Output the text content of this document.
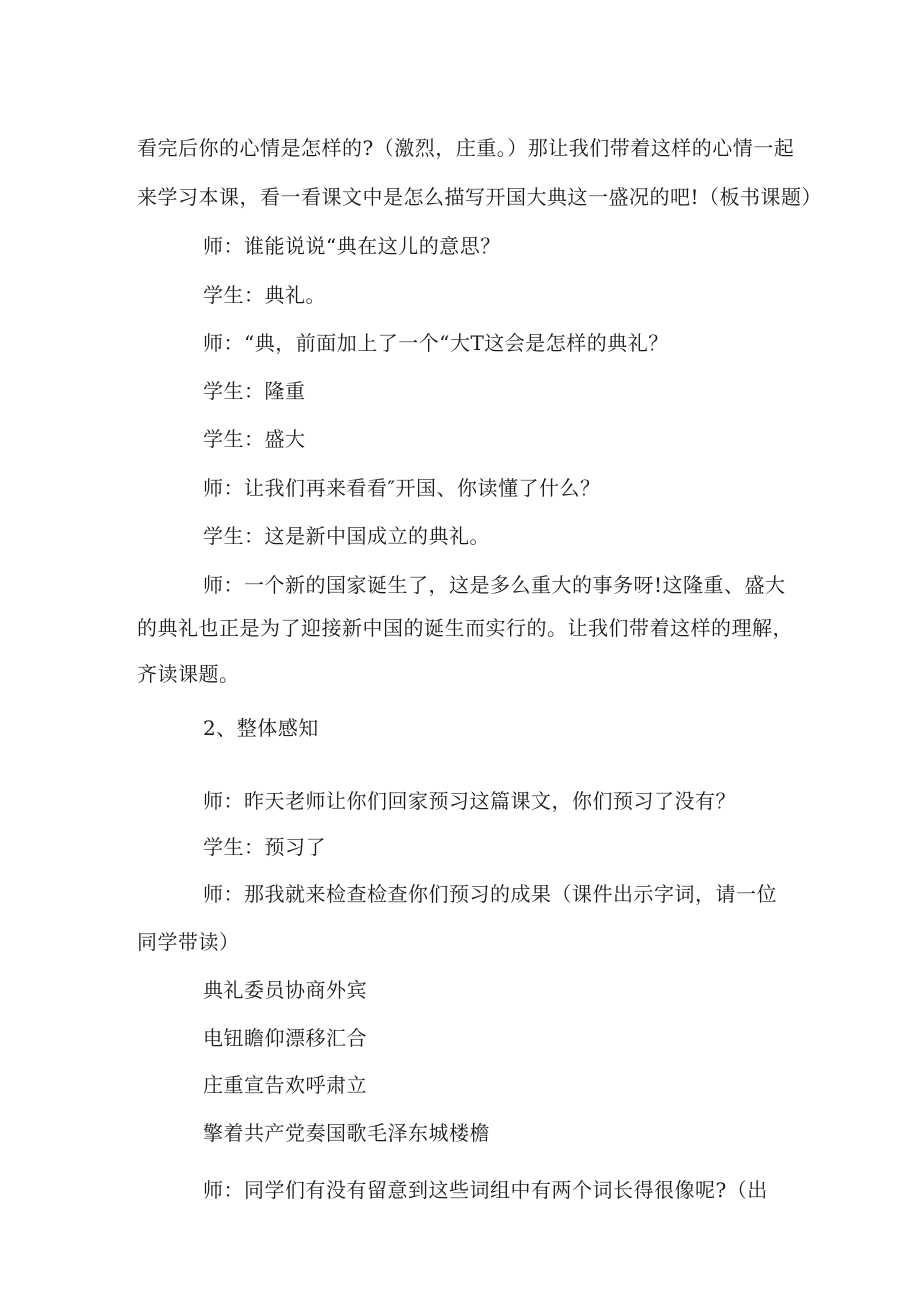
看完后你的心情是怎样的?（激烈，庄重。）那让我们带着这样的心情一起
来学习本课，看一看课文中是怎么描写开国大典这一盛况的吧!（板书课题）
师：谁能说说“典在这儿的意思？
学生：典礼。
师：“典，前面加上了一个“大T这会是怎样的典礼？
学生：隆重
学生：盛大
师：让我们再来看看″开国、你读懂了什么？
学生：这是新中国成立的典礼。
师：一个新的国家诞生了，这是多么重大的事务呀!这隆重、盛大
的典礼也正是为了迎接新中国的诞生而实行的。让我们带着这样的理解，
齐读课题。
2、整体感知
师：昨天老师让你们回家预习这篇课文，你们预习了没有？
学生：预习了
师：那我就来检查检查你们预习的成果（课件出示字词，请一位
同学带读）
典礼委员协商外宾
电钮瞻仰漂移汇合
庄重宣告欢呼肃立
擎着共产党奏国歌毛泽东城楼檐
师：同学们有没有留意到这些词组中有两个词长得很像呢?（出
